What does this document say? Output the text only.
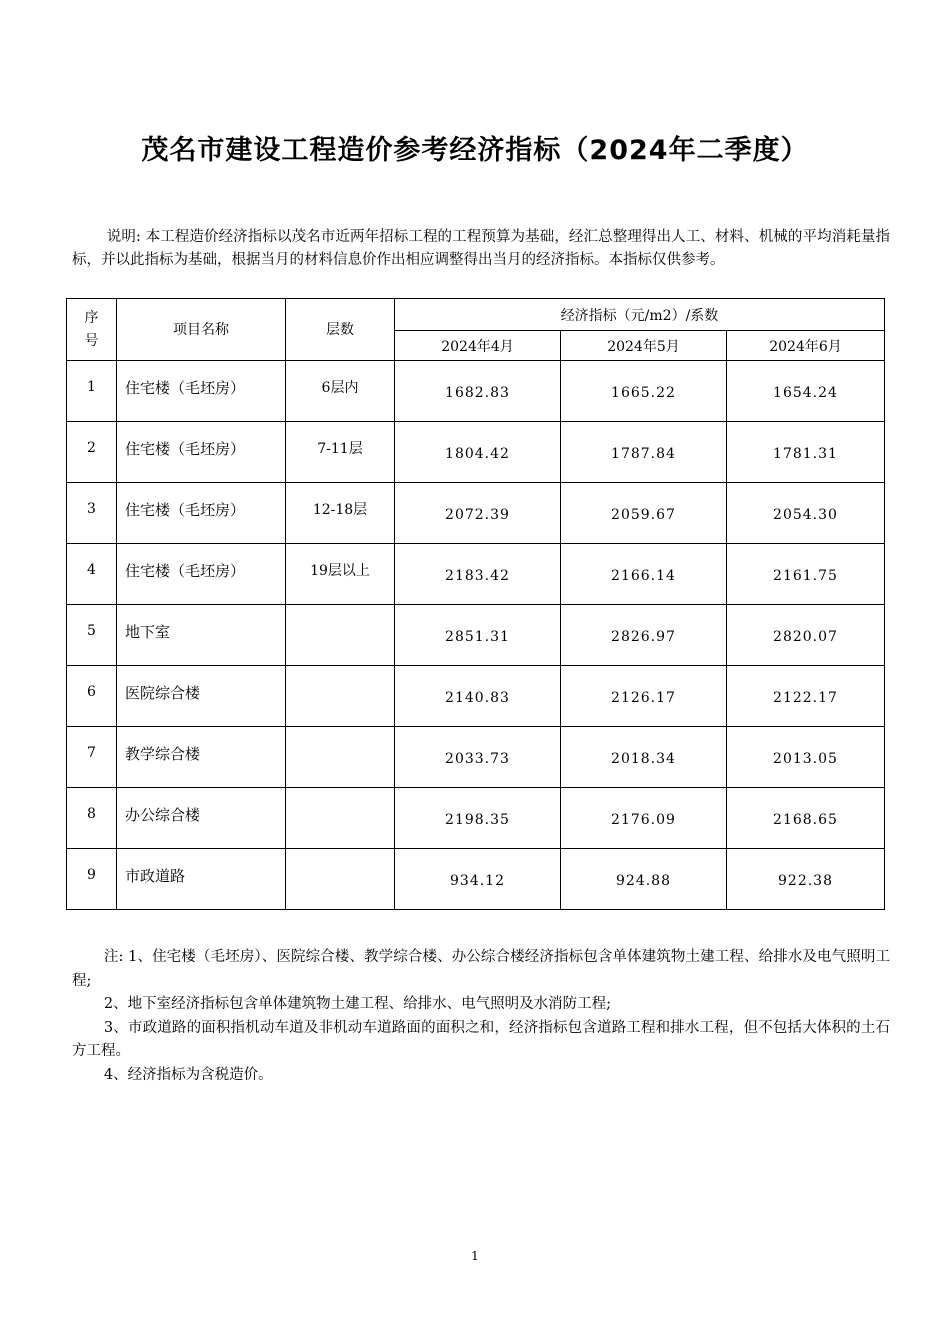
茂名市建设工程造价参考经济指标（2024年二季度）

说明: 本工程造价经济指标以茂名市近两年招标工程的工程预算为基础，经汇总整理得出人工、材料、机械的平均消耗量指标，并以此指标为基础，根据当月的材料信息价作出相应调整得出当月的经济指标。本指标仅供参考。

序号	项目名称	层数	经济指标（元/m2）/系数		
			2024年4月	2024年5月	2024年6月
1	住宅楼（毛坯房）	6层内	1682.83	1665.22	1654.24
2	住宅楼（毛坯房）	7-11层	1804.42	1787.84	1781.31
3	住宅楼（毛坯房）	12-18层	2072.39	2059.67	2054.30
4	住宅楼（毛坯房）	19层以上	2183.42	2166.14	2161.75
5	地下室		2851.31	2826.97	2820.07
6	医院综合楼		2140.83	2126.17	2122.17
7	教学综合楼		2033.73	2018.34	2013.05
8	办公综合楼		2198.35	2176.09	2168.65
9	市政道路		934.12	924.88	922.38

注: 1、住宅楼（毛坯房）、医院综合楼、教学综合楼、办公综合楼经济指标包含单体建筑物土建工程、给排水及电气照明工程;

2、地下室经济指标包含单体建筑物土建工程、给排水、电气照明及水消防工程;

3、市政道路的面积指机动车道及非机动车道路面的面积之和，经济指标包含道路工程和排水工程，但不包括大体积的土石方工程。

4、经济指标为含税造价。

1
